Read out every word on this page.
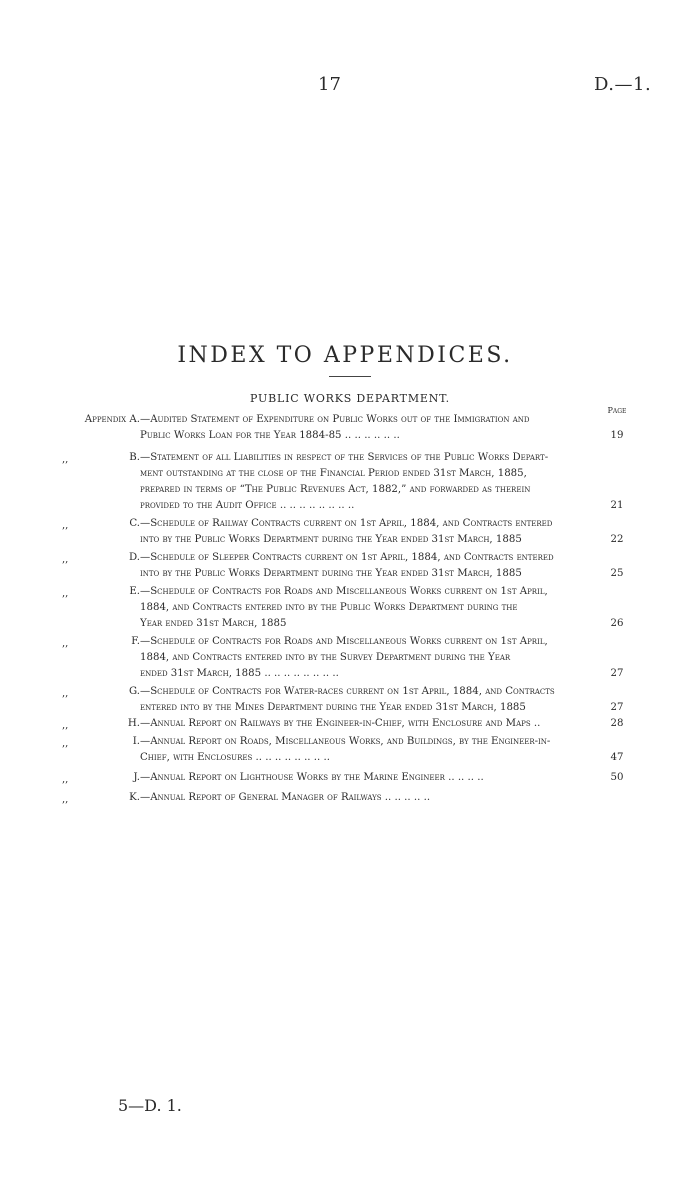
17	D.—1.
INDEX TO APPENDICES.
PUBLIC WORKS DEPARTMENT.
Page
Appendix A. —Audited Statement of Expenditure on Public Works out of the Immigration and
Public Works Loan for the Year 1884-85 .. .. .. .. .. ..	19
,,	B. —Statement of all Liabilities in respect of the Services of the Public Works Depart-
ment outstanding at the close of the Financial Period ended 31st March, 1885,
prepared in terms of “The Public Revenues Act, 1882,” and forwarded as therein
provided to the Audit Office .. .. .. .. .. .. .. ..	21
,,	C. —Schedule of Railway Contracts current on 1st April, 1884, and Contracts entered
into by the Public Works Department during the Year ended 31st March, 1885	22
,,	D. —Schedule of Sleeper Contracts current on 1st April, 1884, and Contracts entered
into by the Public Works Department during the Year ended 31st March, 1885	25
,,	E. —Schedule of Contracts for Roads and Miscellaneous Works current on 1st April,
1884, and Contracts entered into by the Public Works Department during the
Year ended 31st March, 1885	26
,,	F. —Schedule of Contracts for Roads and Miscellaneous Works current on 1st April,
1884, and Contracts entered into by the Survey Department during the Year
ended 31st March, 1885 .. .. .. .. .. .. .. ..	27
,,	G. —Schedule of Contracts for Water-races current on 1st April, 1884, and Contracts
entered into by the Mines Department during the Year ended 31st March, 1885	27
,,	H. —Annual Report on Railways by the Engineer-in-Chief, with Enclosure and Maps ..	28
,,	I. —Annual Report on Roads, Miscellaneous Works, and Buildings, by the Engineer-in-
Chief, with Enclosures .. .. .. .. .. .. .. ..	47
,,	J. —Annual Report on Lighthouse Works by the Marine Engineer .. .. .. ..	50
,,	K. —Annual Report of General Manager of Railways .. .. .. .. ..
5—D. 1.
